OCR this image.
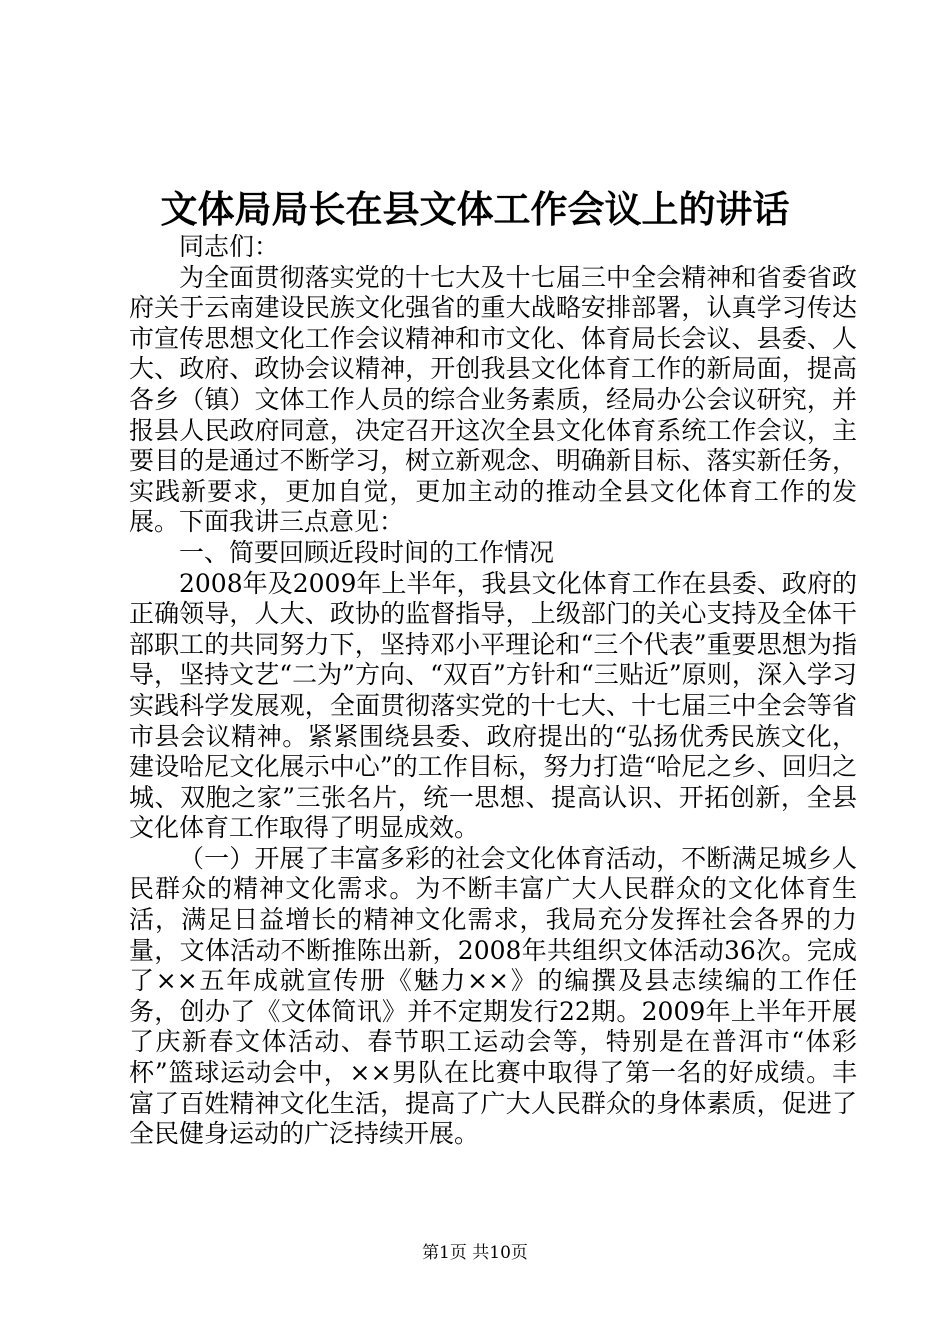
文体局局长在县文体工作会议上的讲话

同志们：

为全面贯彻落实党的十七大及十七届三中全会精神和省委省政府关于云南建设民族文化强省的重大战略安排部署，认真学习传达市宣传思想文化工作会议精神和市文化、体育局长会议、县委、人大、政府、政协会议精神，开创我县文化体育工作的新局面，提高各乡（镇）文体工作人员的综合业务素质，经局办公会议研究，并报县人民政府同意，决定召开这次全县文化体育系统工作会议，主要目的是通过不断学习，树立新观念、明确新目标、落实新任务，实践新要求，更加自觉，更加主动的推动全县文化体育工作的发展。下面我讲三点意见：

一、简要回顾近段时间的工作情况

2008年及2009年上半年，我县文化体育工作在县委、政府的正确领导，人大、政协的监督指导，上级部门的关心支持及全体干部职工的共同努力下，坚持邓小平理论和“三个代表”重要思想为指导，坚持文艺“二为”方向、“双百”方针和“三贴近”原则，深入学习实践科学发展观，全面贯彻落实党的十七大、十七届三中全会等省市县会议精神。紧紧围绕县委、政府提出的“弘扬优秀民族文化，建设哈尼文化展示中心”的工作目标，努力打造“哈尼之乡、回归之城、双胞之家”三张名片，统一思想、提高认识、开拓创新，全县文化体育工作取得了明显成效。

（一）开展了丰富多彩的社会文化体育活动，不断满足城乡人民群众的精神文化需求。为不断丰富广大人民群众的文化体育生活，满足日益增长的精神文化需求，我局充分发挥社会各界的力量，文体活动不断推陈出新，2008年共组织文体活动36次。完成了××五年成就宣传册《魅力××》的编撰及县志续编的工作任务，创办了《文体简讯》并不定期发行22期。2009年上半年开展了庆新春文体活动、春节职工运动会等，特别是在普洱市“体彩杯”篮球运动会中，××男队在比赛中取得了第一名的好成绩。丰富了百姓精神文化生活，提高了广大人民群众的身体素质，促进了全民健身运动的广泛持续开展。

第1页 共10页
